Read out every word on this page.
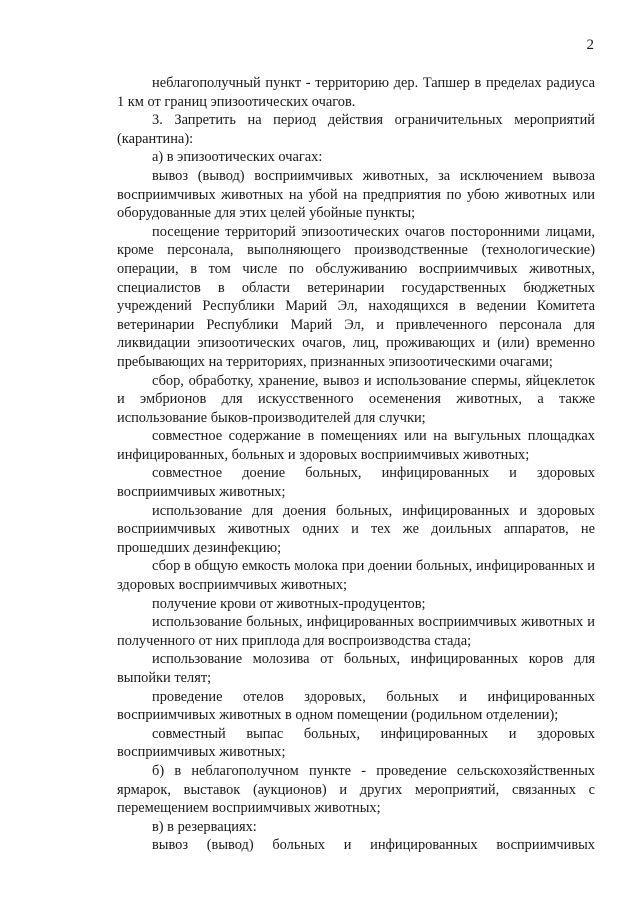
2

неблагополучный пункт - территорию дер. Тапшер в пределах радиуса 1 км от границ эпизоотических очагов.

3. Запретить на период действия ограничительных мероприятий (карантина):

а) в эпизоотических очагах:

вывоз (вывод) восприимчивых животных, за исключением вывоза восприимчивых животных на убой на предприятия по убою животных или оборудованные для этих целей убойные пункты;

посещение территорий эпизоотических очагов посторонними лицами, кроме персонала, выполняющего производственные (технологические) операции, в том числе по обслуживанию восприимчивых животных, специалистов в области ветеринарии государственных бюджетных учреждений Республики Марий Эл, находящихся в ведении Комитета ветеринарии Республики Марий Эл, и привлеченного персонала для ликвидации эпизоотических очагов, лиц, проживающих и (или) временно пребывающих на территориях, признанных эпизоотическими очагами;

сбор, обработку, хранение, вывоз и использование спермы, яйцеклеток и эмбрионов для искусственного осеменения животных, а также использование быков-производителей для случки;

совместное содержание в помещениях или на выгульных площадках инфицированных, больных и здоровых восприимчивых животных;

совместное доение больных, инфицированных и здоровых восприимчивых животных;

использование для доения больных, инфицированных и здоровых восприимчивых животных одних и тех же доильных аппаратов, не прошедших дезинфекцию;

сбор в общую емкость молока при доении больных, инфицированных и здоровых восприимчивых животных;

получение крови от животных-продуцентов;

использование больных, инфицированных восприимчивых животных и полученного от них приплода для воспроизводства стада;

использование молозива от больных, инфицированных коров для выпойки телят;

проведение отелов здоровых, больных и инфицированных восприимчивых животных в одном помещении (родильном отделении);

совместный выпас больных, инфицированных и здоровых восприимчивых животных;

б) в неблагополучном пункте - проведение сельскохозяйственных ярмарок, выставок (аукционов) и других мероприятий, связанных с перемещением восприимчивых животных;

в) в резервациях:

вывоз (вывод) больных и инфицированных восприимчивых
